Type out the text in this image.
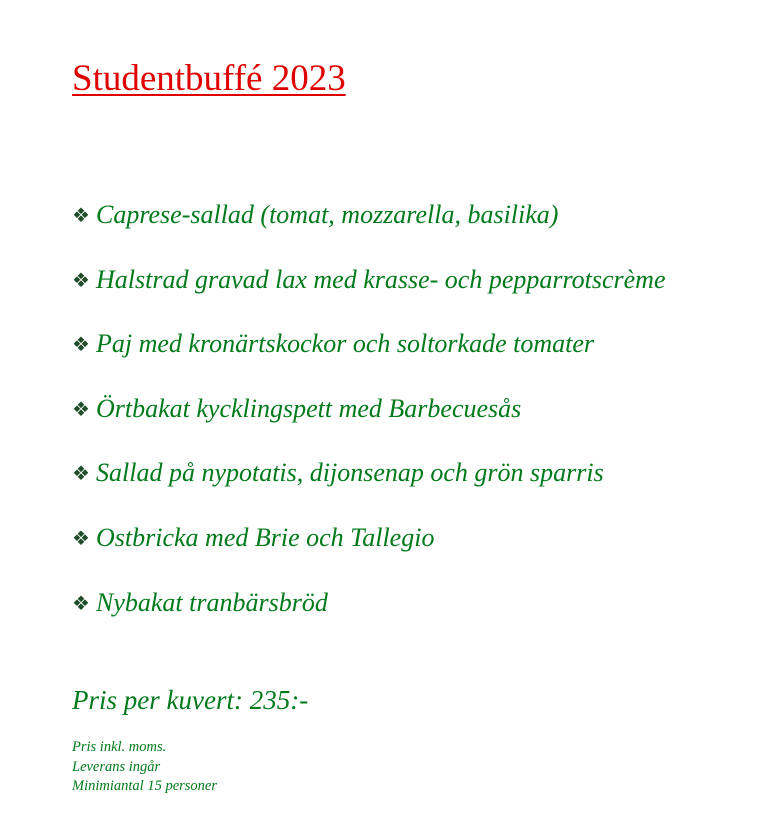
Studentbuffé 2023
❖ Caprese-sallad (tomat, mozzarella, basilika)
❖ Halstrad gravad lax med krasse- och pepparrotscrème
❖ Paj med kronärtskockor och soltorkade tomater
❖ Örtbakat kycklingspett med Barbecuesås
❖ Sallad på nypotatis, dijonsenap och grön sparris
❖ Ostbricka med Brie och Tallegio
❖ Nybakat tranbärsbröd

Pris per kuvert: 235:-

Pris inkl. moms.
Leverans ingår
Minimiantal 15 personer
